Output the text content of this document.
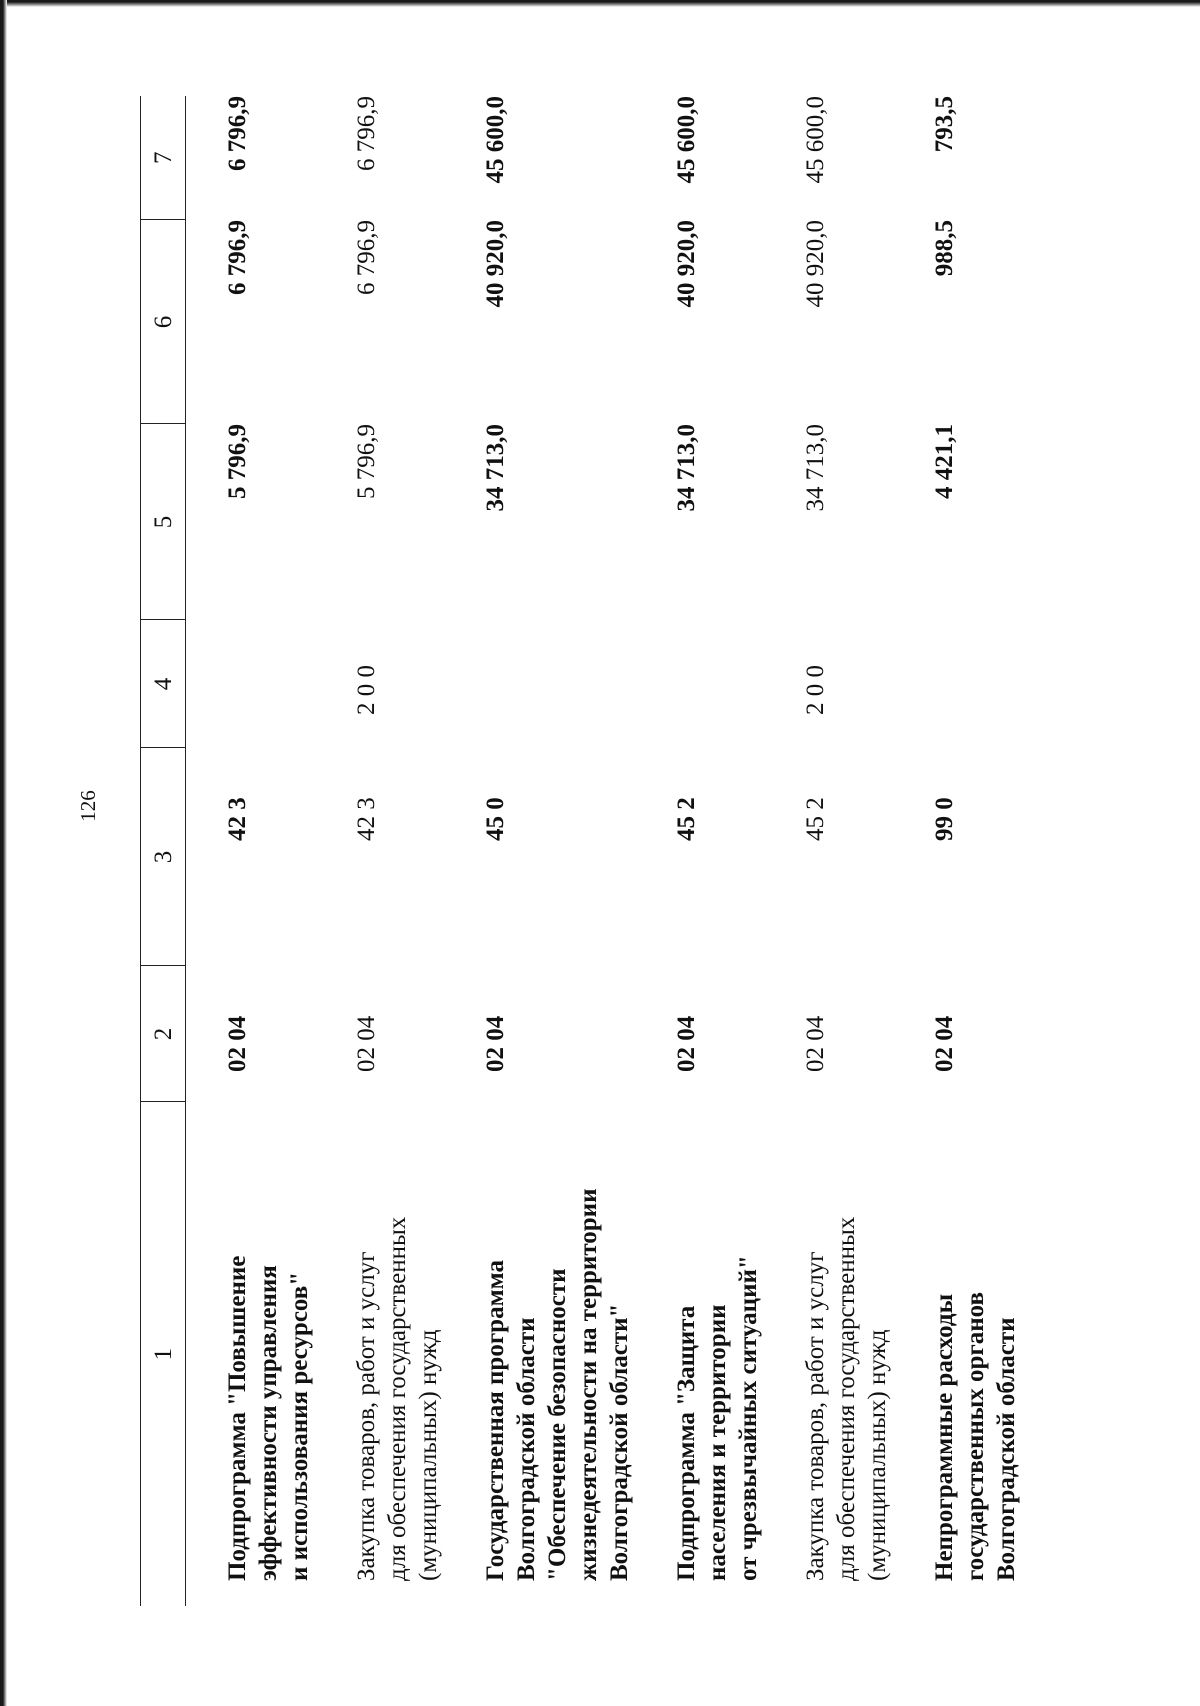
126
1	2	3	4	5	6	7

Подпрограмма "Повышение эффективности управления и использования ресурсов"	02 04	42 3		5 796,9	6 796,9	6 796,9

Закупка товаров, работ и услуг для обеспечения государственных (муниципальных) нужд	02 04	42 3	2 0 0	5 796,9	6 796,9	6 796,9

Государственная программа Волгоградской области "Обеспечение безопасности жизнедеятельности на территории Волгоградской области"	02 04	45 0		34 713,0	40 920,0	45 600,0

Подпрограмма "Защита населения и территории от чрезвычайных ситуаций"	02 04	45 2		34 713,0	40 920,0	45 600,0

Закупка товаров, работ и услуг для обеспечения государственных (муниципальных) нужд	02 04	45 2	2 0 0	34 713,0	40 920,0	45 600,0

Непрограммные расходы государственных органов Волгоградской области	02 04	99 0		4 421,1	988,5	793,5
